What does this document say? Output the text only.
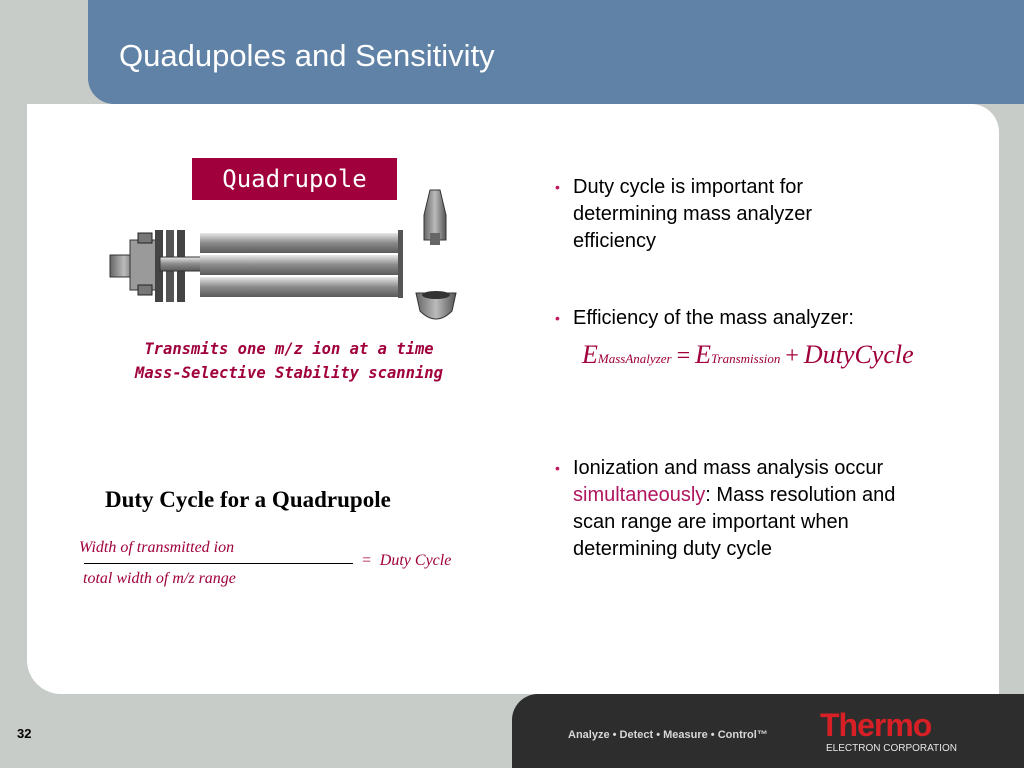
Quadupoles and Sensitivity
Quadrupole
Transmits one m/z ion at a time
Mass-Selective Stability scanning
Duty Cycle for a Quadrupole
Width of transmitted ion
= Duty Cycle
total width of m/z range
• Duty cycle is important for determining mass analyzer efficiency
• Efficiency of the mass analyzer:
EMassAnalyzer = ETransmission + DutyCycle
• Ionization and mass analysis occur simultaneously: Mass resolution and scan range are important when determining duty cycle
32	Analyze • Detect • Measure • Control™ Thermo
ELECTRON CORPORATION
